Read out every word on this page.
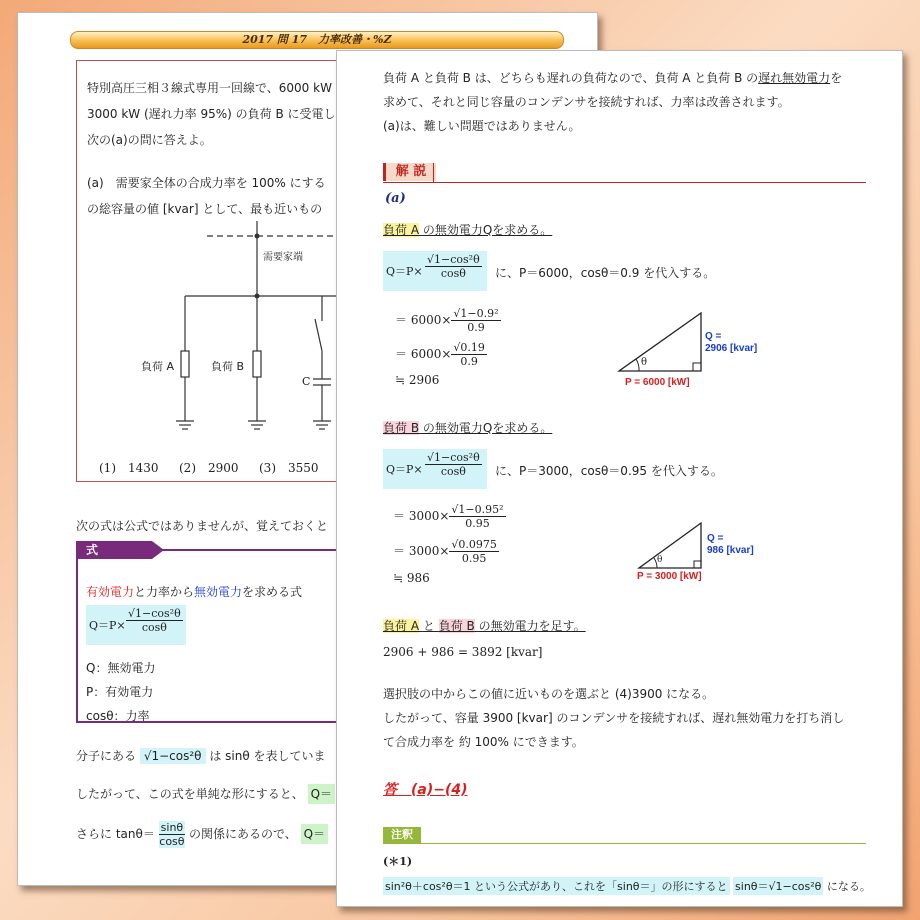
2017 問 17　力率改善・%Z
特別高圧三相３線式専用一回線で、6000 kW
3000 kW (遅れ力率 95%) の負荷 B に受電し
次の(a)の問に答えよ。
(a)　需要家全体の合成力率を 100% にする
の総容量の値 [kvar] として、最も近いもの
需要家端
負荷 A	負荷 B
C
(1)　1430 (2)　2900 (3)　3550
次の式は公式ではありませんが、覚えておくと
有効電力と力率から無効電力を求める式
$Q=P\times \frac{\text{√1−cos²θ}}{\cos\theta}$
Q：無効電力
P：有効電力
cosθ：力率
式
分子にある √1−cos²θ は sinθ を表していま
したがって、この式を単純な形にすると、 Q＝
さらに $\tan\theta= \frac{\sin\theta}{\cos\theta}$ の関係にあるので、 Q＝
負荷 A と負荷 B は、どちらも遅れの負荷なので、負荷 A と負荷 B の遅れ無効電力を
求めて、それと同じ容量のコンデンサを接続すれば、力率は改善されます。
(a)は、難しい問題ではありません。
解 説
(a)
負荷 A の無効電力Qを求める。
$Q=P\times \frac{\text{√1−cos²θ}}{\cos\theta}$ に、P＝6000，cosθ＝0.9 を代入する。
＝ $6000\times \frac{\text{√1−0.9²}}{0.9}$
＝ $6000\times \frac{√0.19}{0.9}$
≒ 2906
θ
Q =
2906 [kvar]
P = 6000 [kW]
負荷 B の無効電力Qを求める。
$Q=P\times \frac{\text{√1−cos²θ}}{\cos\theta}$ に、P＝3000，cosθ＝0.95 を代入する。
＝ $3000\times \frac{\text{√1−0.95²}}{0.95}$
＝ $3000\times \frac{√0.0975}{0.95}$
≒ 986
θ
Q =
986 [kvar]
P = 3000 [kW]
負荷 A と 負荷 B の無効電力を足す。
2906 + 986 = 3892 [kvar]
選択肢の中からこの値に近いものを選ぶと (4)3900 になる。
したがって、容量 3900 [kvar] のコンデンサを接続すれば、遅れ無効電力を打ち消し
て合成力率を 約 100% にできます。
答　(a)−(4)
注釈
(＊1)
sin²θ＋cos²θ＝1 という公式があり、これを「sinθ＝」の形にすると sinθ＝√1−cos²θ になる。
